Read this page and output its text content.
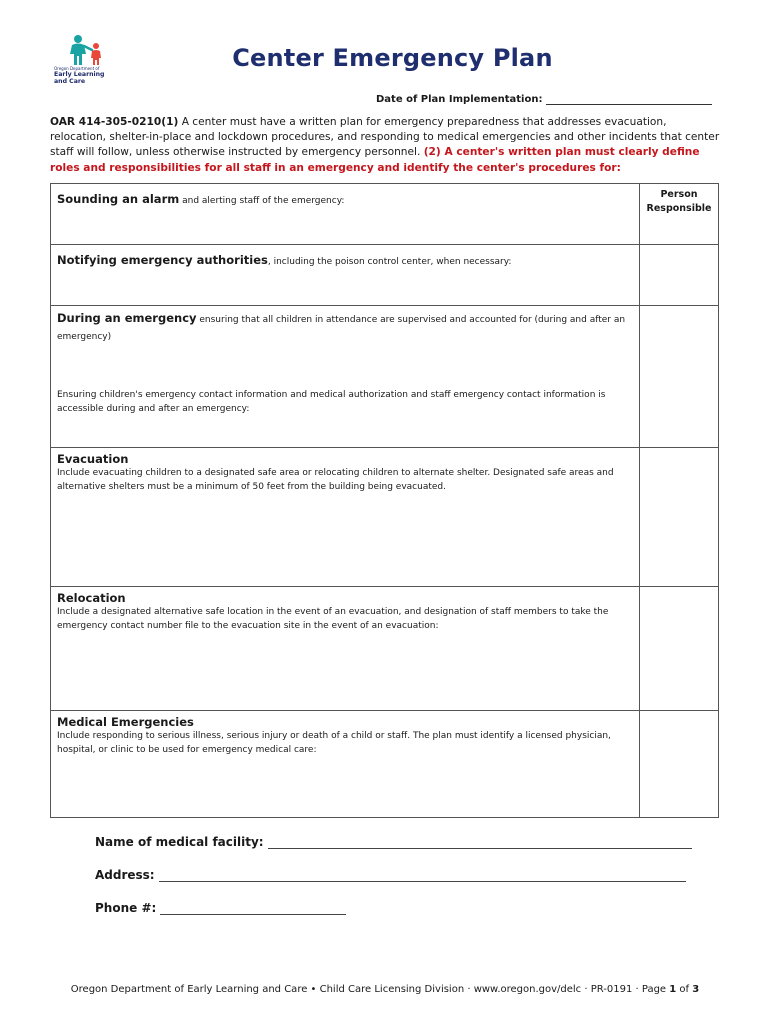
Oregon Department of
Early Learning
and Care
Center Emergency Plan
Date of Plan Implementation:
OAR 414-305-0210(1) A center must have a written plan for emergency preparedness that addresses evacuation, relocation, shelter-in-place and lockdown procedures, and responding to medical emergencies and other incidents that center staff will follow, unless otherwise instructed by emergency personnel. (2) A center's written plan must clearly define roles and responsibilities for all staff in an emergency and identify the center's procedures for:
Sounding an alarm and alerting staff of the emergency:	Person Responsible

Notifying emergency authorities, including the poison control center, when necessary:	

During an emergency ensuring that all children in attendance are supervised and accounted for (during and after an emergency)
Ensuring children's emergency contact information and medical authorization and staff emergency contact information is accessible during and after an emergency:	

Evacuation
Include evacuating children to a designated safe area or relocating children to alternate shelter. Designated safe areas and alternative shelters must be a minimum of 50 feet from the building being evacuated.	

Relocation
Include a designated alternative safe location in the event of an evacuation, and designation of staff members to take the emergency contact number file to the evacuation site in the event of an evacuation:	

Medical Emergencies
Include responding to serious illness, serious injury or death of a child or staff. The plan must identify a licensed physician, hospital, or clinic to be used for emergency medical care:	

Name of medical facility:
Address:
Phone #:
Oregon Department of Early Learning and Care • Child Care Licensing Division · www.oregon.gov/delc · PR-0191 · Page 1 of 3
